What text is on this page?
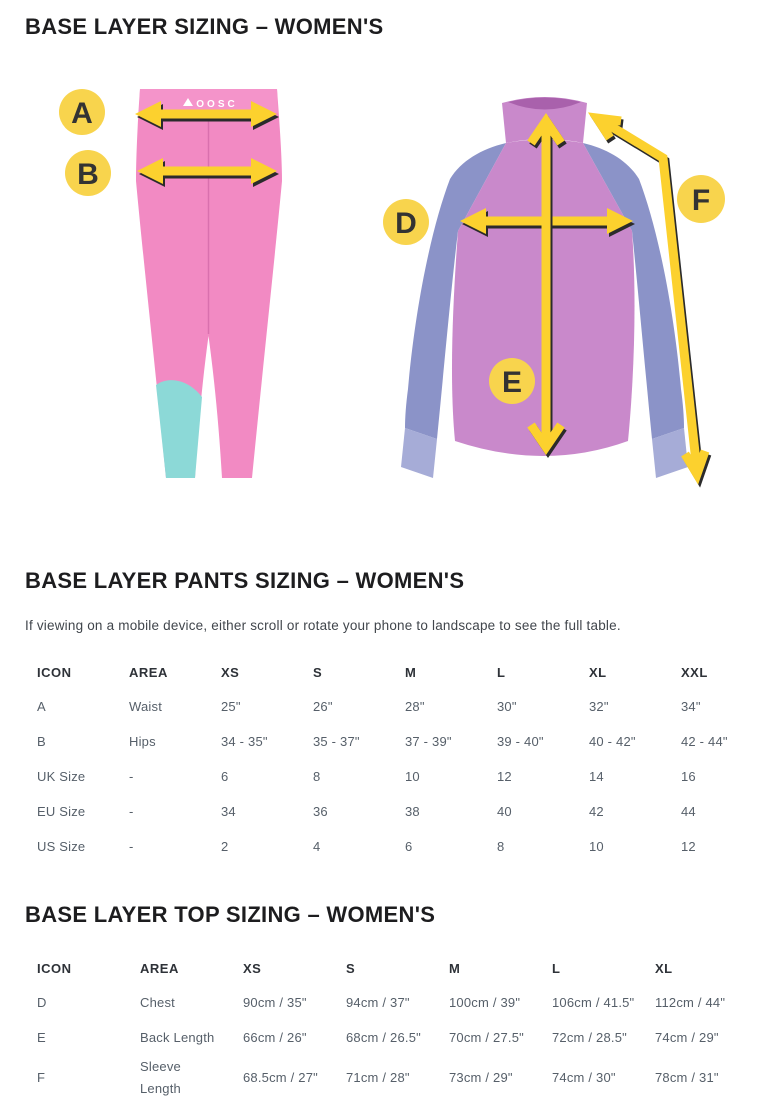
BASE LAYER SIZING – WOMEN'S
OOSC
A
B
D
E
F
BASE LAYER PANTS SIZING – WOMEN'S
If viewing on a mobile device, either scroll or rotate your phone to landscape to see the full table.
ICON	AREA	XS	S	M	L	XL	XXL
A	Waist	25"	26"	28"	30"	32"	34"
B	Hips	34 - 35"	35 - 37"	37 - 39"	39 - 40"	40 - 42"	42 - 44"
UK Size	-	6	8	10	12	14	16
EU Size	-	34	36	38	40	42	44
US Size	-	2	4	6	8	10	12
BASE LAYER TOP SIZING – WOMEN'S
ICON	AREA	XS	S	M	L	XL
D	Chest	90cm / 35"	94cm / 37"	100cm / 39"	106cm / 41.5"	112cm / 44"
E	Back Length	66cm / 26"	68cm / 26.5"	70cm / 27.5"	72cm / 28.5"	74cm / 29"
F	Sleeve Length	68.5cm / 27"	71cm / 28"	73cm / 29"	74cm / 30"	78cm / 31"
